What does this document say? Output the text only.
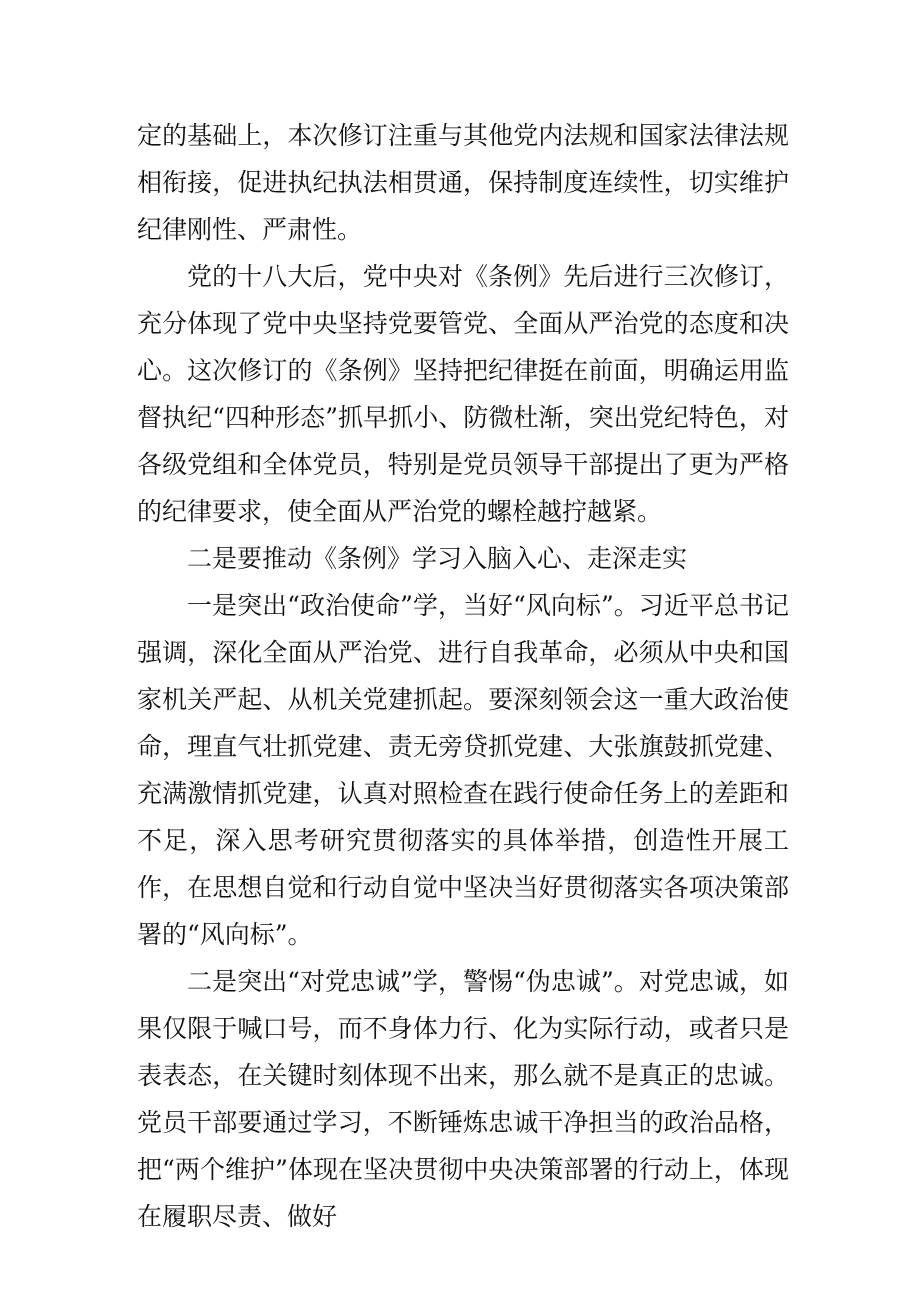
定的基础上，本次修订注重与其他党内法规和国家法律法规相衔接，促进执纪执法相贯通，保持制度连续性，切实维护纪律刚性、严肃性。

党的十八大后，党中央对《条例》先后进行三次修订，充分体现了党中央坚持党要管党、全面从严治党的态度和决心。这次修订的《条例》坚持把纪律挺在前面，明确运用监督执纪“四种形态”抓早抓小、防微杜渐，突出党纪特色，对各级党组和全体党员，特别是党员领导干部提出了更为严格的纪律要求，使全面从严治党的螺栓越拧越紧。

二是要推动《条例》学习入脑入心、走深走实

一是突出“政治使命”学，当好“风向标”。习近平总书记强调，深化全面从严治党、进行自我革命，必须从中央和国家机关严起、从机关党建抓起。要深刻领会这一重大政治使命，理直气壮抓党建、责无旁贷抓党建、大张旗鼓抓党建、充满激情抓党建，认真对照检查在践行使命任务上的差距和不足，深入思考研究贯彻落实的具体举措，创造性开展工作，在思想自觉和行动自觉中坚决当好贯彻落实各项决策部署的“风向标”。

二是突出“对党忠诚”学，警惕“伪忠诚”。对党忠诚，如果仅限于喊口号，而不身体力行、化为实际行动，或者只是表表态，在关键时刻体现不出来，那么就不是真正的忠诚。党员干部要通过学习，不断锤炼忠诚干净担当的政治品格，把“两个维护”体现在坚决贯彻中央决策部署的行动上，体现在履职尽责、做好
